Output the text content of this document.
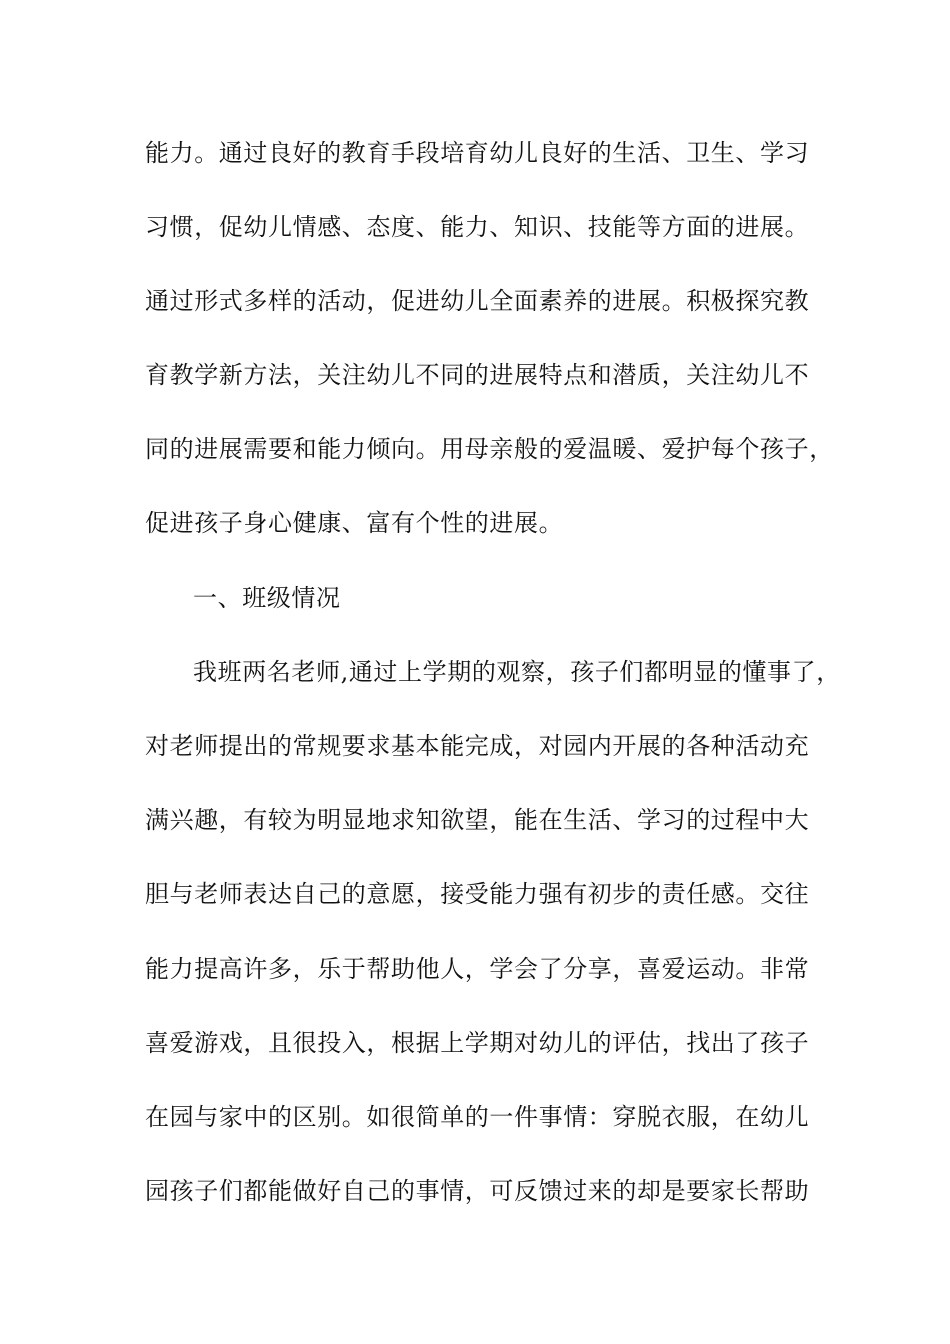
能力。通过良好的教育手段培育幼儿良好的生活、卫生、学习
习惯，促幼儿情感、态度、能力、知识、技能等方面的进展。
通过形式多样的活动，促进幼儿全面素养的进展。积极探究教
育教学新方法，关注幼儿不同的进展特点和潜质，关注幼儿不
同的进展需要和能力倾向。用母亲般的爱温暖、爱护每个孩子，
促进孩子身心健康、富有个性的进展。
一、班级情况
我班两名老师,通过上学期的观察，孩子们都明显的懂事了，
对老师提出的常规要求基本能完成，对园内开展的各种活动充
满兴趣，有较为明显地求知欲望，能在生活、学习的过程中大
胆与老师表达自己的意愿，接受能力强有初步的责任感。交往
能力提高许多，乐于帮助他人，学会了分享，喜爱运动。非常
喜爱游戏，且很投入，根据上学期对幼儿的评估，找出了孩子
在园与家中的区别。如很简单的一件事情：穿脱衣服，在幼儿
园孩子们都能做好自己的事情，可反馈过来的却是要家长帮助
